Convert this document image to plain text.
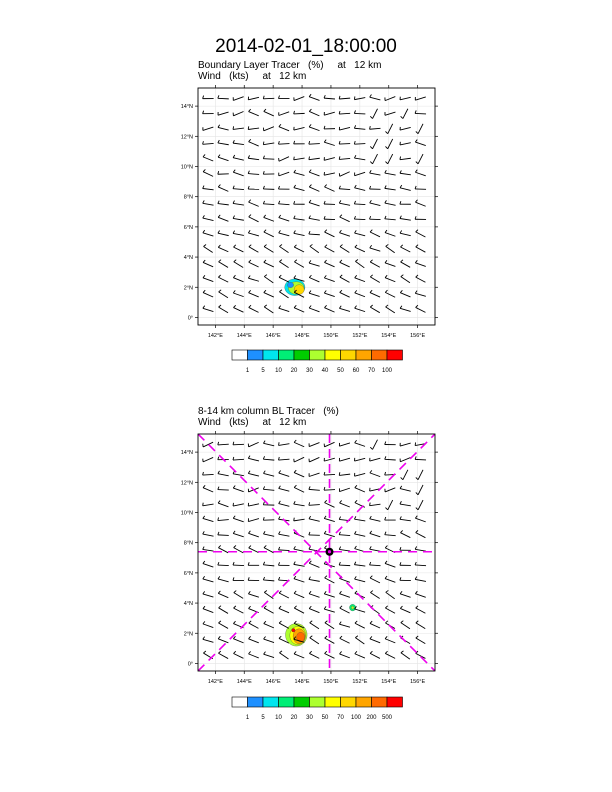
2014-02-01_18:00:00
Boundary Layer Tracer   (%)     at   12 km
Wind   (kts)     at   12 km
142°E	144°E	146°E	148°E	150°E	152°E	154°E	156°E
0°
2°N
4°N
6°N
8°N
10°N
12°N
14°N
1 5 10 20 30 40 50 60 70 100
8-14 km column BL Tracer   (%)
Wind   (kts)     at   12 km
142°E	144°E	146°E	148°E	150°E	152°E	154°E	156°E
0°
2°N
4°N
6°N
8°N
10°N
12°N
14°N
1 5 10 20 30 50 70 100 200 500
